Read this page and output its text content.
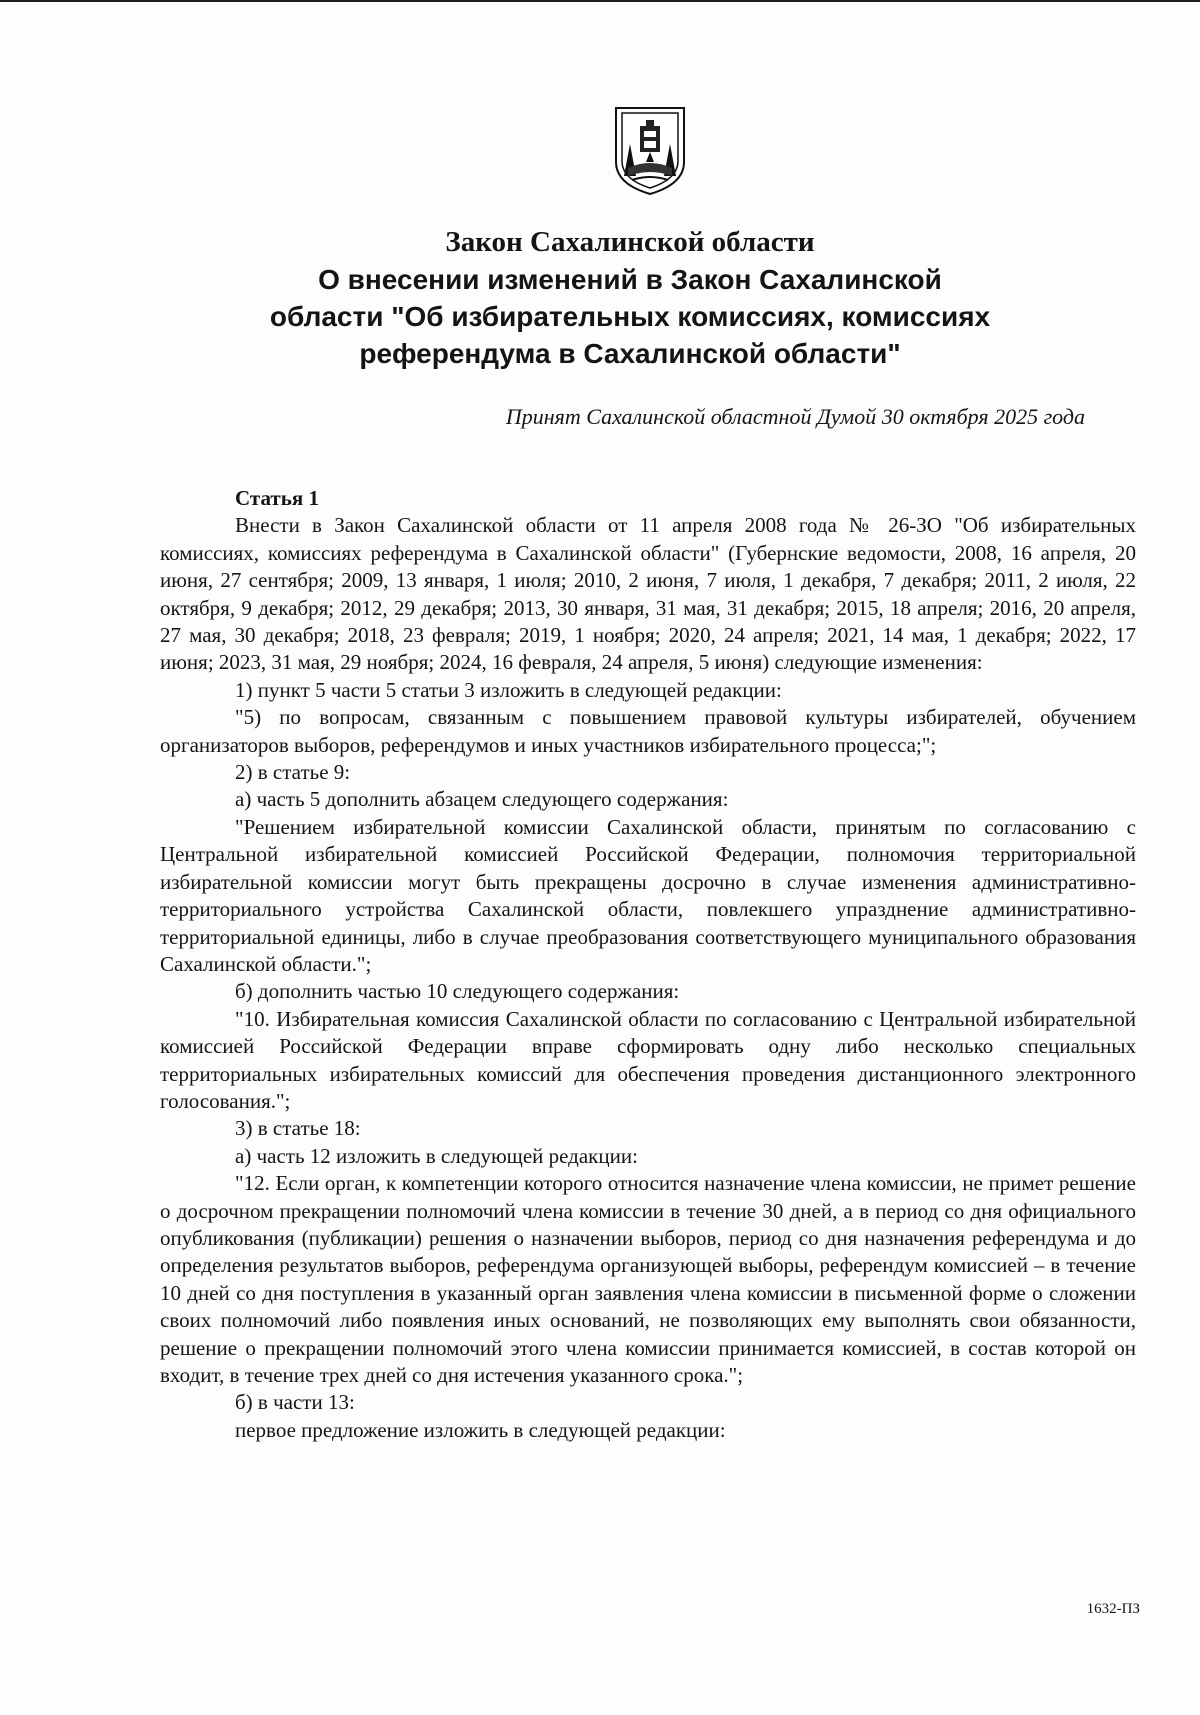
Закон Сахалинской области
О внесении изменений в Закон Сахалинской
области "Об избирательных комиссиях, комиссиях
референдума в Сахалинской области"
Принят Сахалинской областной Думой 30 октября 2025 года

Статья 1

Внести в Закон Сахалинской области от 11 апреля 2008 года № 26-ЗО "Об избирательных комиссиях, комиссиях референдума в Сахалинской области" (Губернские ведомости, 2008, 16 апреля, 20 июня, 27 сентября; 2009, 13 января, 1 июля; 2010, 2 июня, 7 июля, 1 декабря, 7 декабря; 2011, 2 июля, 22 октября, 9 декабря; 2012, 29 декабря; 2013, 30 января, 31 мая, 31 декабря; 2015, 18 апреля; 2016, 20 апреля, 27 мая, 30 декабря; 2018, 23 февраля; 2019, 1 ноября; 2020, 24 апреля; 2021, 14 мая, 1 декабря; 2022, 17 июня; 2023, 31 мая, 29 ноября; 2024, 16 февраля, 24 апреля, 5 июня) следующие изменения:

1) пункт 5 части 5 статьи 3 изложить в следующей редакции:

"5) по вопросам, связанным с повышением правовой культуры избирателей, обучением организаторов выборов, референдумов и иных участников избирательного процесса;";

2) в статье 9:

а) часть 5 дополнить абзацем следующего содержания:

"Решением избирательной комиссии Сахалинской области, принятым по согласованию с Центральной избирательной комиссией Российской Федерации, полномочия территориальной избирательной комиссии могут быть прекращены досрочно в случае изменения административно-территориального устройства Сахалинской области, повлекшего упразднение административно-территориальной единицы, либо в случае преобразования соответствующего муниципального образования Сахалинской области.";

б) дополнить частью 10 следующего содержания:

"10. Избирательная комиссия Сахалинской области по согласованию с Центральной избирательной комиссией Российской Федерации вправе сформировать одну либо несколько специальных территориальных избирательных комиссий для обеспечения проведения дистанционного электронного голосования.";

3) в статье 18:

а) часть 12 изложить в следующей редакции:

"12. Если орган, к компетенции которого относится назначение члена комиссии, не примет решение о досрочном прекращении полномочий члена комиссии в течение 30 дней, а в период со дня официального опубликования (публикации) решения о назначении выборов, период со дня назначения референдума и до определения результатов выборов, референдума организующей выборы, референдум комиссией – в течение 10 дней со дня поступления в указанный орган заявления члена комиссии в письменной форме о сложении своих полномочий либо появления иных оснований, не позволяющих ему выполнять свои обязанности, решение о прекращении полномочий этого члена комиссии принимается комиссией, в состав которой он входит, в течение трех дней со дня истечения указанного срока.";

б) в части 13:

первое предложение изложить в следующей редакции:

1632-ПЗ
